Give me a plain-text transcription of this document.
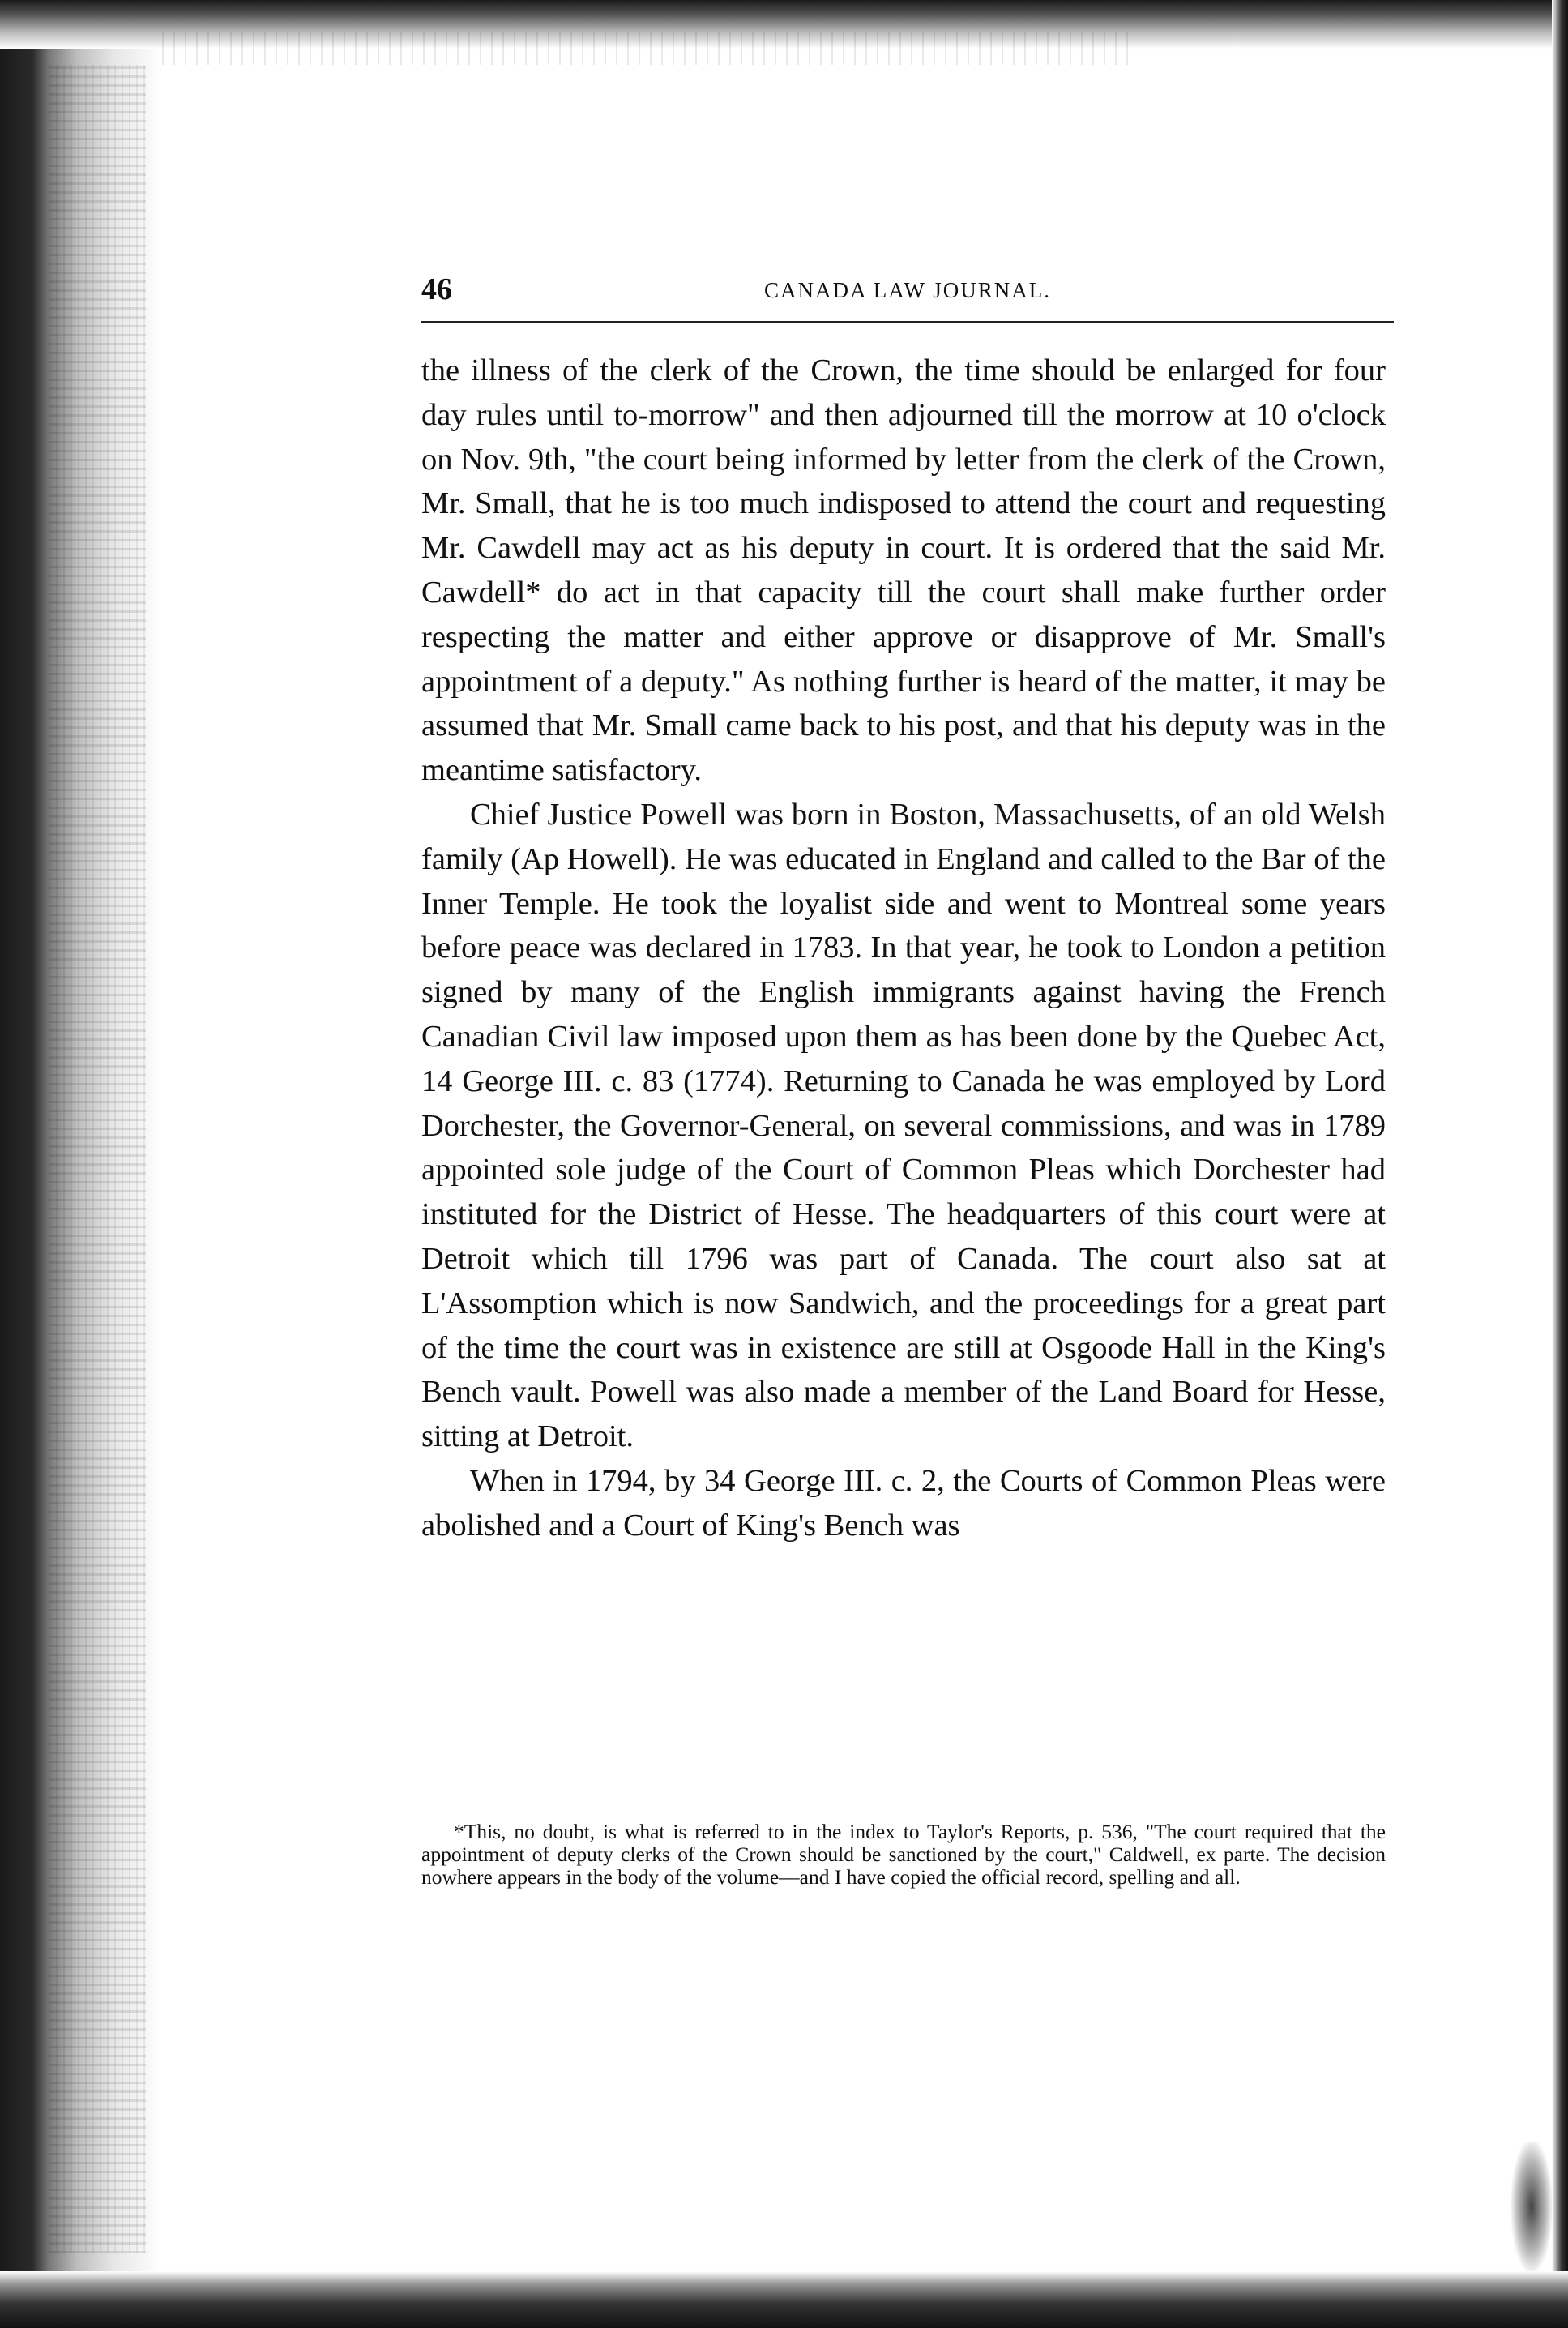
46	CANADA LAW JOURNAL.

the illness of the clerk of the Crown, the time should be enlarged for four day rules until to-morrow" and then adjourned till the morrow at 10 o'clock on Nov. 9th, "the court being informed by letter from the clerk of the Crown, Mr. Small, that he is too much indisposed to attend the court and requesting Mr. Cawdell may act as his deputy in court. It is ordered that the said Mr. Cawdell* do act in that capacity till the court shall make further order respecting the matter and either approve or disapprove of Mr. Small's appointment of a deputy." As nothing further is heard of the matter, it may be assumed that Mr. Small came back to his post, and that his deputy was in the meantime satisfactory.

Chief Justice Powell was born in Boston, Massachusetts, of an old Welsh family (Ap Howell). He was educated in England and called to the Bar of the Inner Temple. He took the loyalist side and went to Montreal some years before peace was declared in 1783. In that year, he took to London a petition signed by many of the English immigrants against having the French Canadian Civil law imposed upon them as has been done by the Quebec Act, 14 George III. c. 83 (1774). Returning to Canada he was employed by Lord Dorchester, the Governor-General, on several commissions, and was in 1789 appointed sole judge of the Court of Common Pleas which Dorchester had instituted for the District of Hesse. The headquarters of this court were at Detroit which till 1796 was part of Canada. The court also sat at L'Assomption which is now Sandwich, and the proceedings for a great part of the time the court was in existence are still at Osgoode Hall in the King's Bench vault. Powell was also made a member of the Land Board for Hesse, sitting at Detroit.

When in 1794, by 34 George III. c. 2, the Courts of Common Pleas were abolished and a Court of King's Bench was

*This, no doubt, is what is referred to in the index to Taylor's Reports, p. 536, "The court required that the appointment of deputy clerks of the Crown should be sanctioned by the court," Caldwell, ex parte. The decision nowhere appears in the body of the volume—and I have copied the official record, spelling and all.
